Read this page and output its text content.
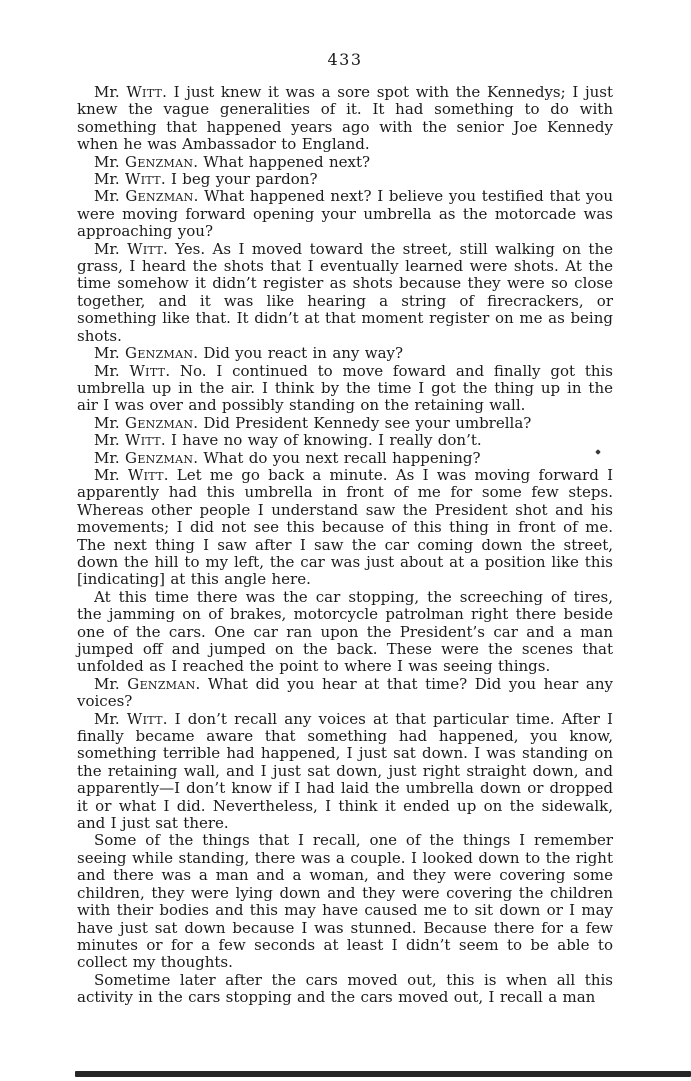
433

Mr. Witt. I just knew it was a sore spot with the Kennedys; I just knew the vague generalities of it. It had something to do with something that happened years ago with the senior Joe Kennedy when he was Ambassador to England.

Mr. Genzman. What happened next?

Mr. Witt. I beg your pardon?

Mr. Genzman. What happened next? I believe you testified that you were moving forward opening your umbrella as the motorcade was approaching you?

Mr. Witt. Yes. As I moved toward the street, still walking on the grass, I heard the shots that I eventually learned were shots. At the time somehow it didn’t register as shots because they were so close together, and it was like hearing a string of firecrackers, or something like that. It didn’t at that moment register on me as being shots.

Mr. Genzman. Did you react in any way?

Mr. Witt. No. I continued to move foward and finally got this umbrella up in the air. I think by the time I got the thing up in the air I was over and possibly standing on the retaining wall.

Mr. Genzman. Did President Kennedy see your umbrella?

Mr. Witt. I have no way of knowing. I really don’t.

Mr. Genzman. What do you next recall happening?

Mr. Witt. Let me go back a minute. As I was moving forward I apparently had this umbrella in front of me for some few steps. Whereas other people I understand saw the President shot and his movements; I did not see this because of this thing in front of me. The next thing I saw after I saw the car coming down the street, down the hill to my left, the car was just about at a position like this [indicating] at this angle here.

At this time there was the car stopping, the screeching of tires, the jamming on of brakes, motorcycle patrolman right there beside one of the cars. One car ran upon the President’s car and a man jumped off and jumped on the back. These were the scenes that unfolded as I reached the point to where I was seeing things.

Mr. Genzman. What did you hear at that time? Did you hear any voices?

Mr. Witt. I don’t recall any voices at that particular time. After I finally became aware that something had happened, you know, something terrible had happened, I just sat down. I was standing on the retaining wall, and I just sat down, just right straight down, and apparently—I don’t know if I had laid the umbrella down or dropped it or what I did. Nevertheless, I think it ended up on the sidewalk, and I just sat there.

Some of the things that I recall, one of the things I remember seeing while standing, there was a couple. I looked down to the right and there was a man and a woman, and they were covering some children, they were lying down and they were covering the children with their bodies and this may have caused me to sit down or I may have just sat down because I was stunned. Because there for a few minutes or for a few seconds at least I didn’t seem to be able to collect my thoughts.

Sometime later after the cars moved out, this is when all this activity in the cars stopping and the cars moved out, I recall a man
